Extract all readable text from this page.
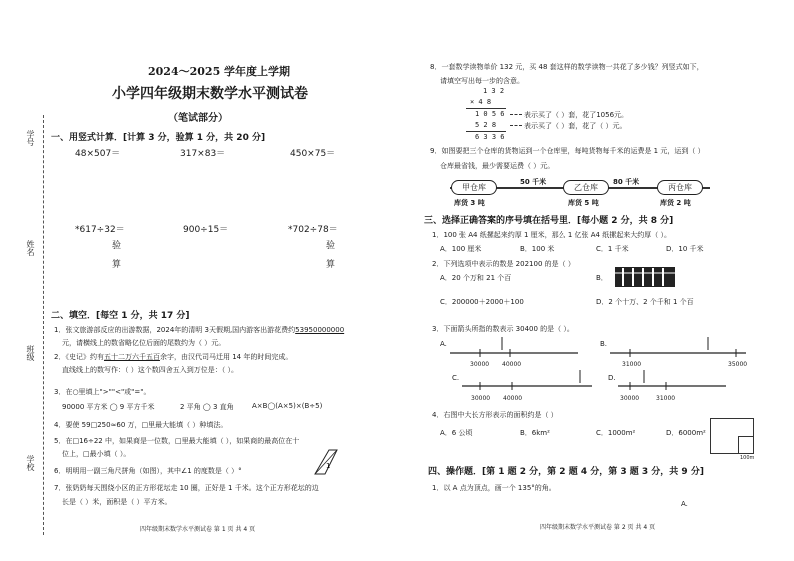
学号
姓名
班级
学校
2024～2025 学年度上学期
小学四年级期末数学水平测试卷
（笔试部分）
一、用竖式计算．[计算 3 分，验算 1 分，共 20 分]
48×507＝	317×83＝	450×75＝
*617÷32＝	900÷15＝	*702÷78＝
验
算
验
算
二、填空．[每空 1 分，共 17 分]
1．张文旅游部反应的出游数据，2024年的清明 3天假期,国内游客出游花费约53950000000
元，请横线上的数省略亿位后面的尾数约为（ ）元。
2．《史记》约有五十二万六千五百余字，由汉代司马迁用 14 年的时间完成。
直线线上的数写作：（ ）这个数四舍五入到万位是：（ ）。
3．在○里填上">""<"或"="。
90000 平方米 ◯ 9 平方千米	2 平角 ◯ 3 直角	A×B◯(A×5)×(B÷5)
4．要使 59□250≈60 万，□里最大能填（ ）种填法。
5．在□16÷22 中，如果商是一位数，□里最大能填（ ），如果商的最高位在十
位上，□最小填（ ）。
6．明明用一副三角尺拼角（如图），其中∠1 的度数是（ ）°
1
7．张奶奶每天围绕小区的正方形花坛走 10 圈，正好是 1 千米。这个正方形花坛的边
长是（ ）米，面积是（ ）平方米。
四年级期末数学水平测试卷 第 1 页 共 4 页
8．一套数学读物单价 132 元，买 48 套这样的数学读物一共花了多少钱？列竖式如下，
请填空写出每一步的含意。
1 3 2
× 4 8
1 0 5 6
5 2 8
6 3 3 6
表示买了（ ）套，花了1056元。
表示买了（ ）套，花了（ ）元。
9．如图要把三个仓库的货物运到一个仓库里，每吨货物每千米的运费是 1 元，运到（ ）
仓库最省钱，最少需要运费（ ）元。
甲仓库	乙仓库	丙仓库
50 千米	80 千米
库货 3 吨	库货 5 吨	库货 2 吨
三、选择正确答案的序号填在括号里．[每小题 2 分，共 8 分]
1．100 张 A4 纸摞起来约厚 1 厘米，那么 1 亿张 A4 纸摞起来大约厚（ ）。
A．100 厘米	B．100 米	C．1 千米	D．10 千米
2．下列选项中表示的数是 202100 的是（ ）
A．20 个万和 21 个百	B．
C．200000＋2000＋100	D．2 个十万、2 个千和 1 个百
3．下面箭头所指的数表示 30400 的是（ ）。
A.
30000 40000
B.
31000	35000
C.
30000 40000
D.
30000	31000
4．右图中大长方形表示的面积约是（ ）
A．6 公顷	B．6km²	C．1000m²	D．6000m²
100m
四、操作题．[第 1 题 2 分，第 2 题 4 分，第 3 题 3 分，共 9 分]
1．以 A 点为顶点，画一个 135°的角。
A.
四年级期末数学水平测试卷 第 2 页 共 4 页
